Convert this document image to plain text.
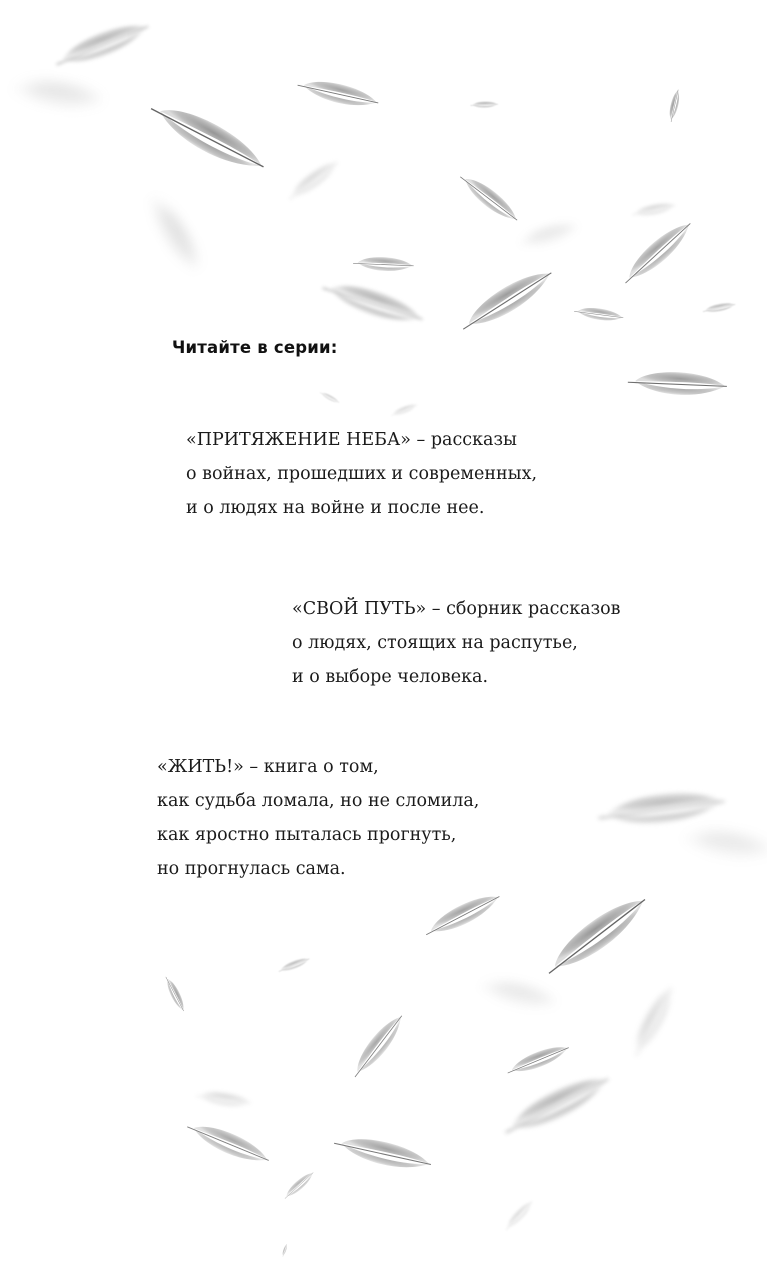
Читайте в серии:
«ПРИТЯЖЕНИЕ НЕБА» – рассказы
о войнах, прошедших и современных,
и о людях на войне и после нее.
«СВОЙ ПУТЬ» – сборник рассказов
о людях, стоящих на распутье,
и о выборе человека.
«ЖИТЬ!» – книга о том,
как судьба ломала, но не сломила,
как яростно пыталась прогнуть,
но прогнулась сама.
